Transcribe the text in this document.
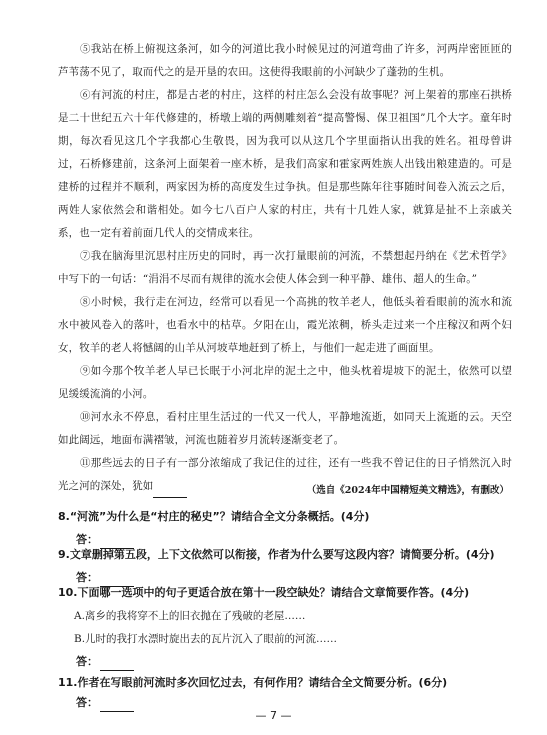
⑤我站在桥上俯视这条河，如今的河道比我小时候见过的河道弯曲了许多，河两岸密匝匝的芦苇荡不见了，取而代之的是开垦的农田。这使得我眼前的小河缺少了蓬勃的生机。

⑥有河流的村庄，都是古老的村庄，这样的村庄怎么会没有故事呢？河上架着的那座石拱桥是二十世纪五六十年代修建的，桥墩上端的两侧雕刻着“提高警惕、保卫祖国”几个大字。童年时期，每次看见这几个字我都心生敬畏，因为我可以从这几个字里面指认出我的姓名。祖母曾讲过，石桥修建前，这条河上面架着一座木桥，是我们高家和霍家两姓族人出钱出粮建造的。可是建桥的过程并不顺利，两家因为桥的高度发生过争执。但是那些陈年往事随时间卷入流云之后，两姓人家依然会和谐相处。如今七八百户人家的村庄，共有十几姓人家，就算是扯不上亲戚关系，也一定有着前面几代人的交情成来往。

⑦我在脑海里沉思村庄历史的同时，再一次打量眼前的河流，不禁想起丹纳在《艺术哲学》中写下的一句话：“涓涓不尽而有规律的流水会使人体会到一种平静、雄伟、超人的生命。”

⑧小时候，我行走在河边，经常可以看见一个高挑的牧羊老人，他低头着看眼前的流水和流水中被风卷入的落叶，也看水中的枯草。夕阳在山，霞光浓稠，桥头走过来一个庄稼汉和两个妇女，牧羊的老人将憾阔的山羊从河坡草地赶到了桥上，与他们一起走进了画面里。

⑨如今那个牧羊老人早已长眠于小河北岸的泥土之中，他头枕着堤坡下的泥土，依然可以望见缓缓流淌的小河。

⑩河水永不停息，看村庄里生活过的一代又一代人，平静地流逝，如同天上流逝的云。天空如此阔远，地面布满褶皱，河流也随着岁月流转逐渐变老了。

⑪那些远去的日子有一部分浓缩成了我记住的过往，还有一些我不曾记住的日子悄然沉入时光之河的深处，犹如	（选自《2024年中国精短美文精选》，有删改）

8.“河流”为什么是“村庄的秘史”？请结合全文分条概括。(4分)

答：

9.文章删掉第五段，上下文依然可以衔接，作者为什么要写这段内容？请简要分析。(4分)

答：

10.下面哪一选项中的句子更适合放在第十一段空缺处？请结合文章简要作答。(4分)

A.离乡的我将穿不上的旧衣抛在了残破的老屋……

B.儿时的我打水漂时旋出去的瓦片沉入了眼前的河流……

答：

11.作者在写眼前河流时多次回忆过去，有何作用？请结合全文简要分析。(6分)

答：
— 7 —
